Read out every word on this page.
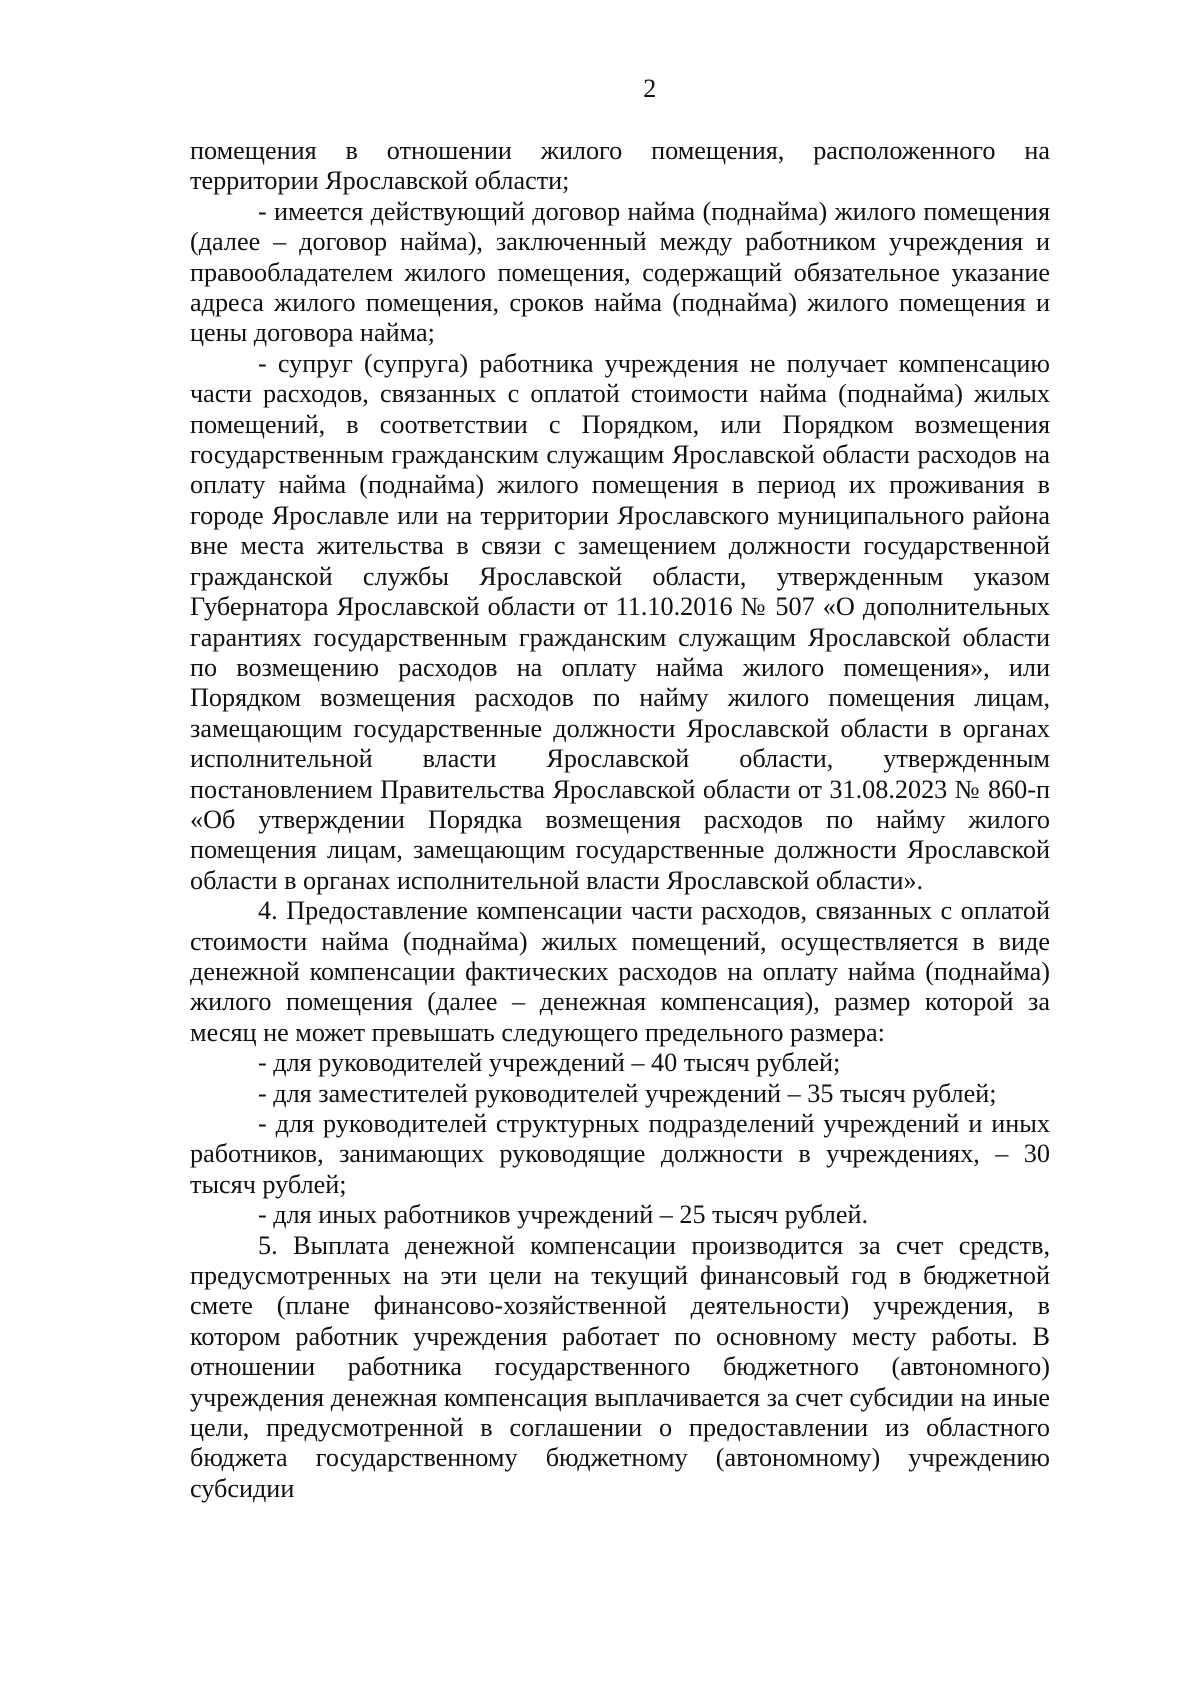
2

помещения в отношении жилого помещения, расположенного на территории Ярославской области;

- имеется действующий договор найма (поднайма) жилого помещения (далее – договор найма), заключенный между работником учреждения и правообладателем жилого помещения, содержащий обязательное указание адреса жилого помещения, сроков найма (поднайма) жилого помещения и цены договора найма;

- супруг (супруга) работника учреждения не получает компенсацию части расходов, связанных с оплатой стоимости найма (поднайма) жилых помещений, в соответствии с Порядком, или Порядком возмещения государственным гражданским служащим Ярославской области расходов на оплату найма (поднайма) жилого помещения в период их проживания в городе Ярославле или на территории Ярославского муниципального района вне места жительства в связи с замещением должности государственной гражданской службы Ярославской области, утвержденным указом Губернатора Ярославской области от 11.10.2016 № 507 «О дополнительных гарантиях государственным гражданским служащим Ярославской области по возмещению расходов на оплату найма жилого помещения», или Порядком возмещения расходов по найму жилого помещения лицам, замещающим государственные должности Ярославской области в органах исполнительной власти Ярославской области, утвержденным постановлением Правительства Ярославской области от 31.08.2023 № 860-п «Об утверждении Порядка возмещения расходов по найму жилого помещения лицам, замещающим государственные должности Ярославской области в органах исполнительной власти Ярославской области».

4. Предоставление компенсации части расходов, связанных с оплатой стоимости найма (поднайма) жилых помещений, осуществляется в виде денежной компенсации фактических расходов на оплату найма (поднайма) жилого помещения (далее – денежная компенсация), размер которой за месяц не может превышать следующего предельного размера:

- для руководителей учреждений – 40 тысяч рублей;

- для заместителей руководителей учреждений – 35 тысяч рублей;

- для руководителей структурных подразделений учреждений и иных работников, занимающих руководящие должности в учреждениях, – 30 тысяч рублей;

- для иных работников учреждений – 25 тысяч рублей.

5. Выплата денежной компенсации производится за счет средств, предусмотренных на эти цели на текущий финансовый год в бюджетной смете (плане финансово-хозяйственной деятельности) учреждения, в котором работник учреждения работает по основному месту работы. В отношении работника государственного бюджетного (автономного) учреждения денежная компенсация выплачивается за счет субсидии на иные цели, предусмотренной в соглашении о предоставлении из областного бюджета государственному бюджетному (автономному) учреждению субсидии
